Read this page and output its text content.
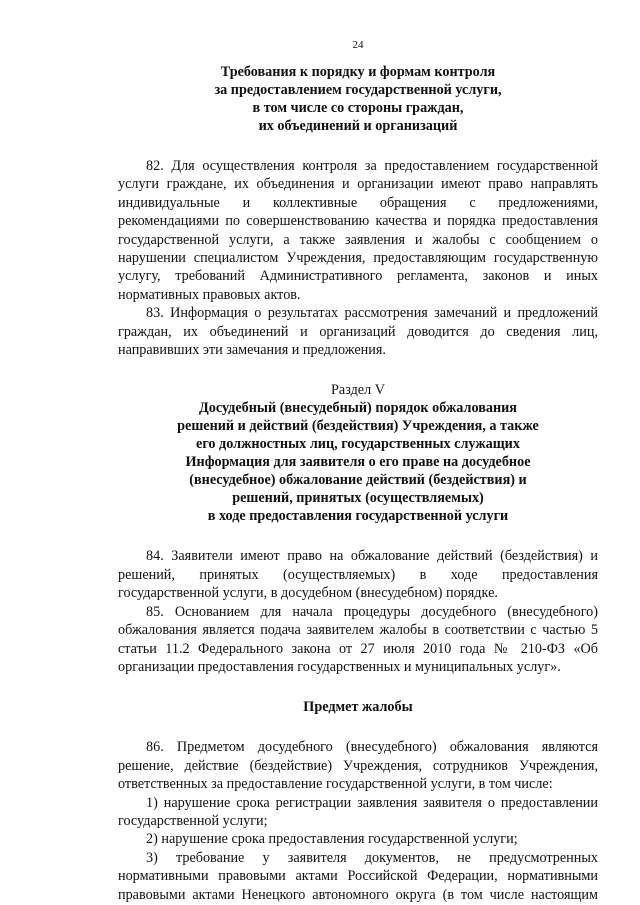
24
Требования к порядку и формам контроля
за предоставлением государственной услуги,
в том числе со стороны граждан,
их объединений и организаций

82. Для осуществления контроля за предоставлением государственной услуги граждане, их объединения и организации имеют право направлять индивидуальные и коллективные обращения с предложениями, рекомендациями по совершенствованию качества и порядка предоставления государственной услуги, а также заявления и жалобы с сообщением о нарушении специалистом Учреждения, предоставляющим государственную услугу, требований Административного регламента, законов и иных нормативных правовых актов.

83. Информация о результатах рассмотрения замечаний и предложений граждан, их объединений и организаций доводится до сведения лиц, направивших эти замечания и предложения.

Раздел V
Досудебный (внесудебный) порядок обжалования
решений и действий (бездействия) Учреждения, а также
его должностных лиц, государственных служащих
Информация для заявителя о его праве на досудебное
(внесудебное) обжалование действий (бездействия) и
решений, принятых (осуществляемых)
в ходе предоставления государственной услуги

84. Заявители имеют право на обжалование действий (бездействия) и решений, принятых (осуществляемых) в ходе предоставления государственной услуги, в досудебном (внесудебном) порядке.

85. Основанием для начала процедуры досудебного (внесудебного) обжалования является подача заявителем жалобы в соответствии с частью 5 статьи 11.2 Федерального закона от 27 июля 2010 года № 210-ФЗ «Об организации предоставления государственных и муниципальных услуг».

Предмет жалобы

86. Предметом досудебного (внесудебного) обжалования являются решение, действие (бездействие) Учреждения, сотрудников Учреждения, ответственных за предоставление государственной услуги, в том числе:

1) нарушение срока регистрации заявления заявителя о предоставлении государственной услуги;

2) нарушение срока предоставления государственной услуги;

3) требование у заявителя документов, не предусмотренных нормативными правовыми актами Российской Федерации, нормативными правовыми актами Ненецкого автономного округа (в том числе настоящим
